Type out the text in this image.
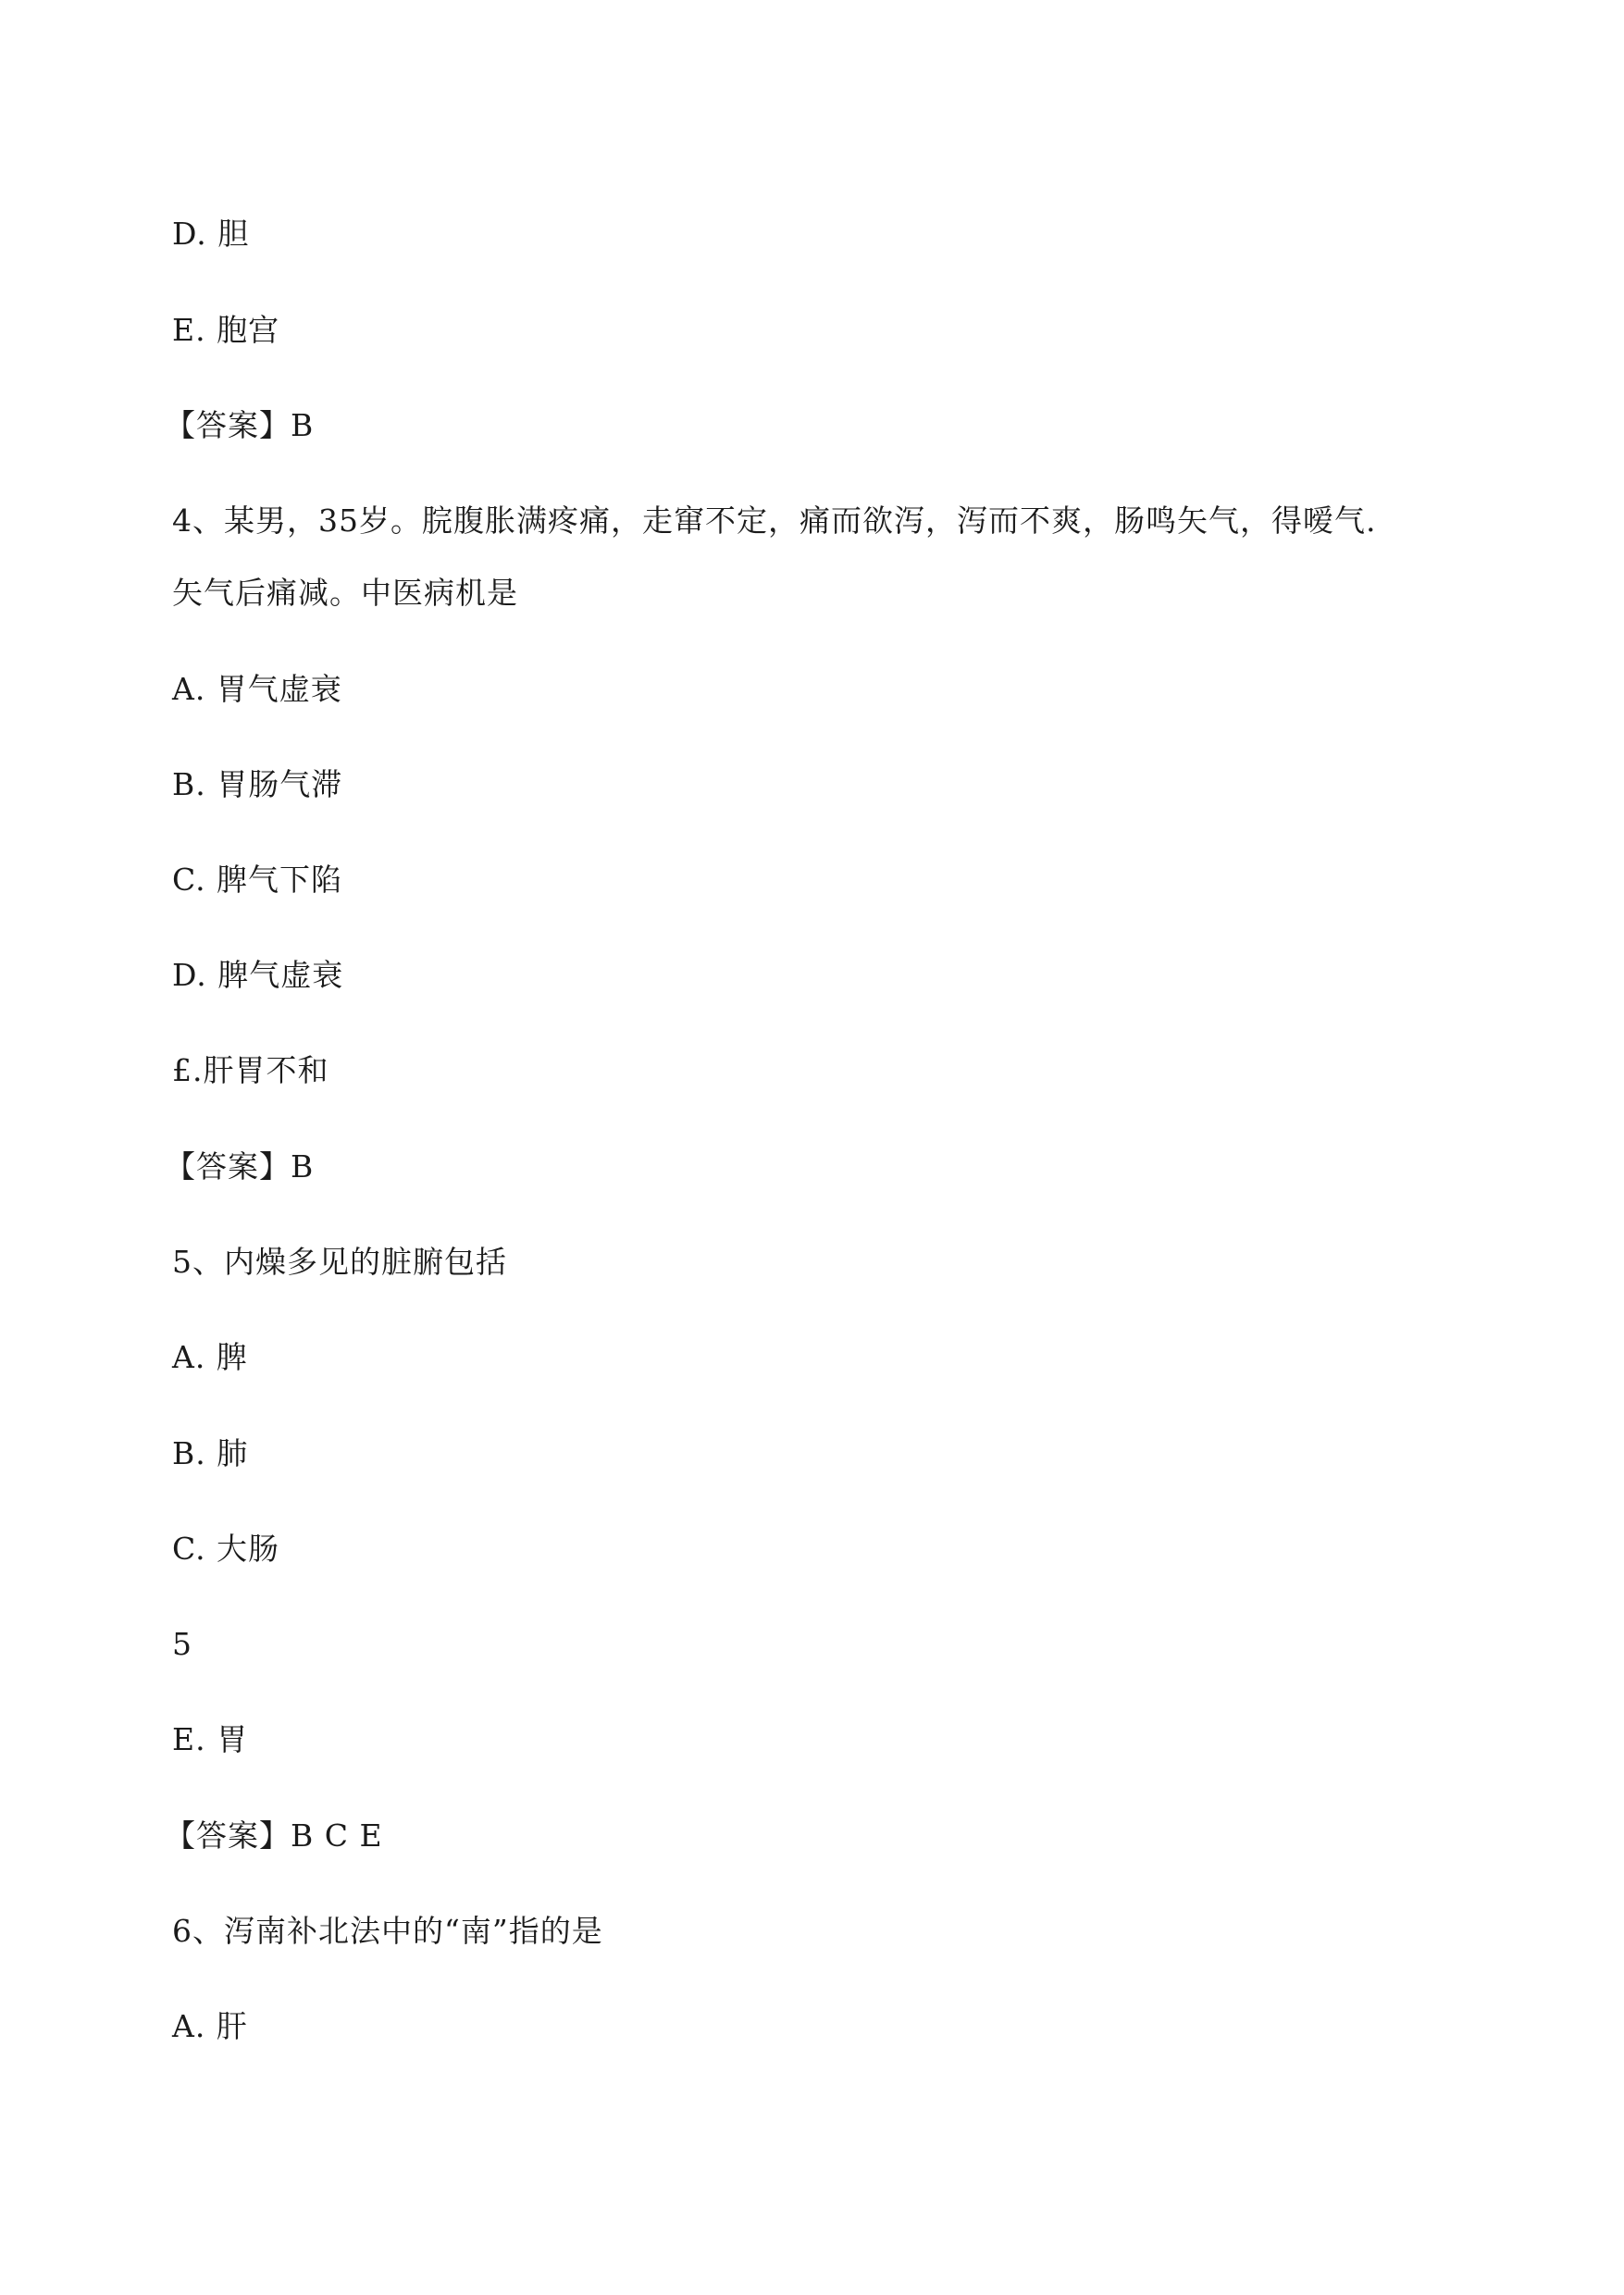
D. 胆
E. 胞宫
【答案】B
4、某男，35岁。脘腹胀满疼痛，走窜不定，痛而欲泻，泻而不爽，肠鸣矢气，得嗳气.
矢气后痛减。中医病机是
A. 胃气虚衰
B. 胃肠气滞
C. 脾气下陷
D. 脾气虚衰
£.肝胃不和
【答案】B
5、内燥多见的脏腑包括
A. 脾
B. 肺
C. 大肠
5
E. 胃
【答案】B C E
6、泻南补北法中的“南”指的是
A. 肝
